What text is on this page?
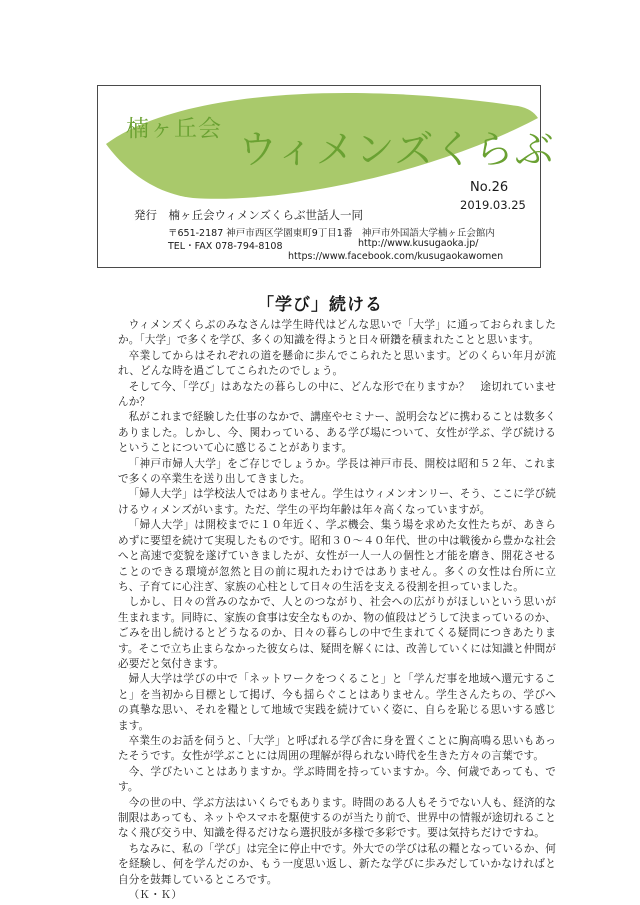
楠ヶ丘会 ウィメンズくらぶ
No.26
2019.03.25
発行　楠ヶ丘会ウィメンズくらぶ世話人一同
〒651-2187 神戸市西区学園東町9丁目1番　神戸市外国語大学楠ヶ丘会館内
TEL・FAX 078-794-8108	http://www.kusugaoka.jp/
https://www.facebook.com/kusugaokawomen
「学び」続ける

ウィメンズくらぶのみなさんは学生時代はどんな思いで「大学」に通っておられましたか。「大学」で多くを学び、多くの知識を得ようと日々研鑽を積まれたことと思います。

卒業してからはそれぞれの道を懸命に歩んでこられたと思います。どのくらい年月が流れ、どんな時を過ごしてこられたのでしょう。

そして今、「学び」はあなたの暮らしの中に、どんな形で在りますか？　途切れていませんか？

私がこれまで経験した仕事のなかで、講座やセミナー、説明会などに携わることは数多くありました。しかし、今、関わっている、ある学び場について、女性が学ぶ、学び続けるということについて心に感じることがあります。

「神戸市婦人大学」をご存じでしょうか。学長は神戸市長、開校は昭和５２年、これまで多くの卒業生を送り出してきました。

「婦人大学」は学校法人ではありません。学生はウィメンオンリー、そう、ここに学び続けるウィメンズがいます。ただ、学生の平均年齢は年々高くなっていますが。

「婦人大学」は開校までに１０年近く、学ぶ機会、集う場を求めた女性たちが、あきらめずに要望を続けて実現したものです。昭和３０～４０年代、世の中は戦後から豊かな社会へと高速で変貌を遂げていきましたが、女性が一人一人の個性と才能を磨き、開花させることのできる環境が忽然と目の前に現れたわけではありません。多くの女性は台所に立ち、子育てに心注ぎ、家族の心柱として日々の生活を支える役割を担っていました。

しかし、日々の営みのなかで、人とのつながり、社会への広がりがほしいという思いが生まれます。同時に、家族の食事は安全なものか、物の値段はどうして決まっているのか、ごみを出し続けるとどうなるのか、日々の暮らしの中で生まれてくる疑問につきあたります。そこで立ち止まらなかった彼女らは、疑問を解くには、改善していくには知識と仲間が必要だと気付きます。

婦人大学は学びの中で「ネットワークをつくること」と「学んだ事を地域へ還元すること」を当初から目標として掲げ、今も揺らぐことはありません。学生さんたちの、学びへの真摯な思い、それを糧として地域で実践を続けていく姿に、自らを恥じる思いする感じます。

卒業生のお話を伺うと、「大学」と呼ばれる学び舎に身を置くことに胸高鳴る思いもあったそうです。女性が学ぶことには周囲の理解が得られない時代を生きた方々の言葉です。

今、学びたいことはありますか。学ぶ時間を持っていますか。今、何歳であっても、です。

今の世の中、学ぶ方法はいくらでもあります。時間のある人もそうでない人も、経済的な制限はあっても、ネットやスマホを駆使するのが当たり前で、世界中の情報が途切れることなく飛び交う中、知識を得るだけなら選択肢が多様で多彩です。要は気持ちだけですね。

ちなみに、私の「学び」は完全に停止中です。外大での学びは私の糧となっているか、何を経験し、何を学んだのか、もう一度思い返し、新たな学びに歩みだしていかなければと自分を鼓舞しているところです。

（Ｋ・Ｋ）
